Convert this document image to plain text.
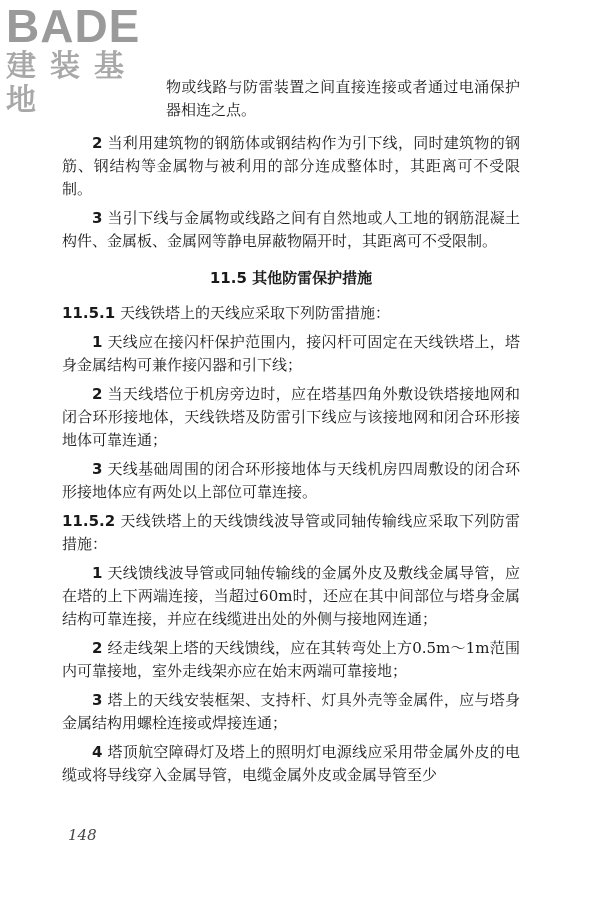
BADE
建装基地	物或线路与防雷装置之间直接连接或者通过电涌保护器相连之点。

2 当利用建筑物的钢筋体或钢结构作为引下线，同时建筑物的钢筋、钢结构等金属物与被利用的部分连成整体时，其距离可不受限制。

3 当引下线与金属物或线路之间有自然地或人工地的钢筋混凝土构件、金属板、金属网等静电屏蔽物隔开时，其距离可不受限制。

11.5 其他防雷保护措施

11.5.1 天线铁塔上的天线应采取下列防雷措施：

1 天线应在接闪杆保护范围内，接闪杆可固定在天线铁塔上，塔身金属结构可兼作接闪器和引下线；

2 当天线塔位于机房旁边时，应在塔基四角外敷设铁塔接地网和闭合环形接地体，天线铁塔及防雷引下线应与该接地网和闭合环形接地体可靠连通；

3 天线基础周围的闭合环形接地体与天线机房四周敷设的闭合环形接地体应有两处以上部位可靠连接。

11.5.2 天线铁塔上的天线馈线波导管或同轴传输线应采取下列防雷措施：

1 天线馈线波导管或同轴传输线的金属外皮及敷线金属导管，应在塔的上下两端连接，当超过60m时，还应在其中间部位与塔身金属结构可靠连接，并应在线缆进出处的外侧与接地网连通；

2 经走线架上塔的天线馈线，应在其转弯处上方0.5m～1m范围内可靠接地，室外走线架亦应在始末两端可靠接地；

3 塔上的天线安装框架、支持杆、灯具外壳等金属件，应与塔身金属结构用螺栓连接或焊接连通；

4 塔顶航空障碍灯及塔上的照明灯电源线应采用带金属外皮的电缆或将导线穿入金属导管，电缆金属外皮或金属导管至少

148
